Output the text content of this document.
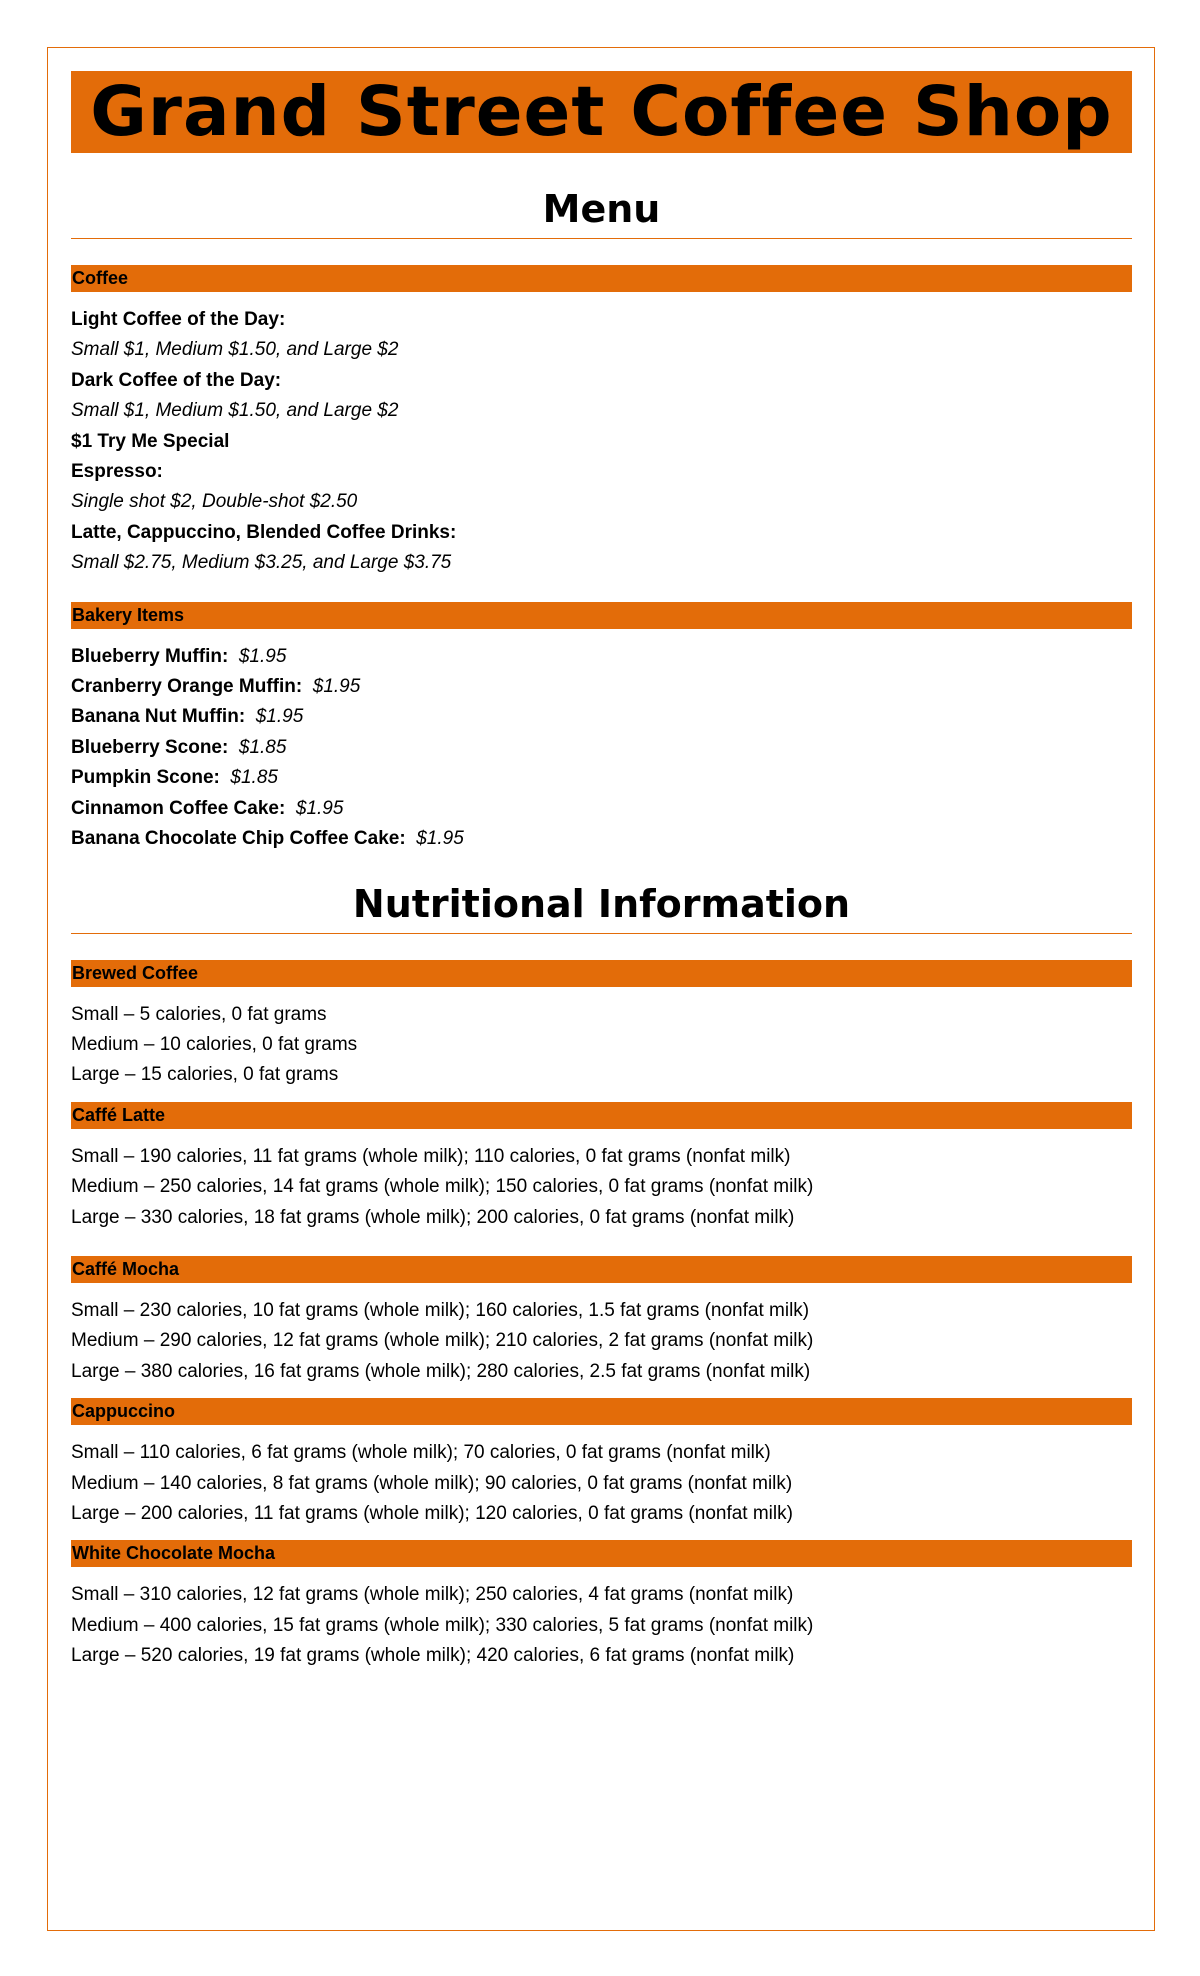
Grand Street Coffee Shop
Menu
Coffee
Light Coffee of the Day:
Small $1, Medium $1.50, and Large $2
Dark Coffee of the Day:
Small $1, Medium $1.50, and Large $2
$1 Try Me Special
Espresso:
Single shot $2, Double-shot $2.50
Latte, Cappuccino, Blended Coffee Drinks:
Small $2.75, Medium $3.25, and Large $3.75
Bakery Items
Blueberry Muffin: $1.95
Cranberry Orange Muffin: $1.95
Banana Nut Muffin: $1.95
Blueberry Scone: $1.85
Pumpkin Scone: $1.85
Cinnamon Coffee Cake: $1.95
Banana Chocolate Chip Coffee Cake: $1.95
Nutritional Information
Brewed Coffee
Small – 5 calories, 0 fat grams
Medium – 10 calories, 0 fat grams
Large – 15 calories, 0 fat grams
Caffé Latte
Small – 190 calories, 11 fat grams (whole milk); 110 calories, 0 fat grams (nonfat milk)
Medium – 250 calories, 14 fat grams (whole milk); 150 calories, 0 fat grams (nonfat milk)
Large – 330 calories, 18 fat grams (whole milk); 200 calories, 0 fat grams (nonfat milk)
Caffé Mocha
Small – 230 calories, 10 fat grams (whole milk); 160 calories, 1.5 fat grams (nonfat milk)
Medium – 290 calories, 12 fat grams (whole milk); 210 calories, 2 fat grams (nonfat milk)
Large – 380 calories, 16 fat grams (whole milk); 280 calories, 2.5 fat grams (nonfat milk)
Cappuccino
Small – 110 calories, 6 fat grams (whole milk); 70 calories, 0 fat grams (nonfat milk)
Medium – 140 calories, 8 fat grams (whole milk); 90 calories, 0 fat grams (nonfat milk)
Large – 200 calories, 11 fat grams (whole milk); 120 calories, 0 fat grams (nonfat milk)
White Chocolate Mocha
Small – 310 calories, 12 fat grams (whole milk); 250 calories, 4 fat grams (nonfat milk)
Medium – 400 calories, 15 fat grams (whole milk); 330 calories, 5 fat grams (nonfat milk)
Large – 520 calories, 19 fat grams (whole milk); 420 calories, 6 fat grams (nonfat milk)
